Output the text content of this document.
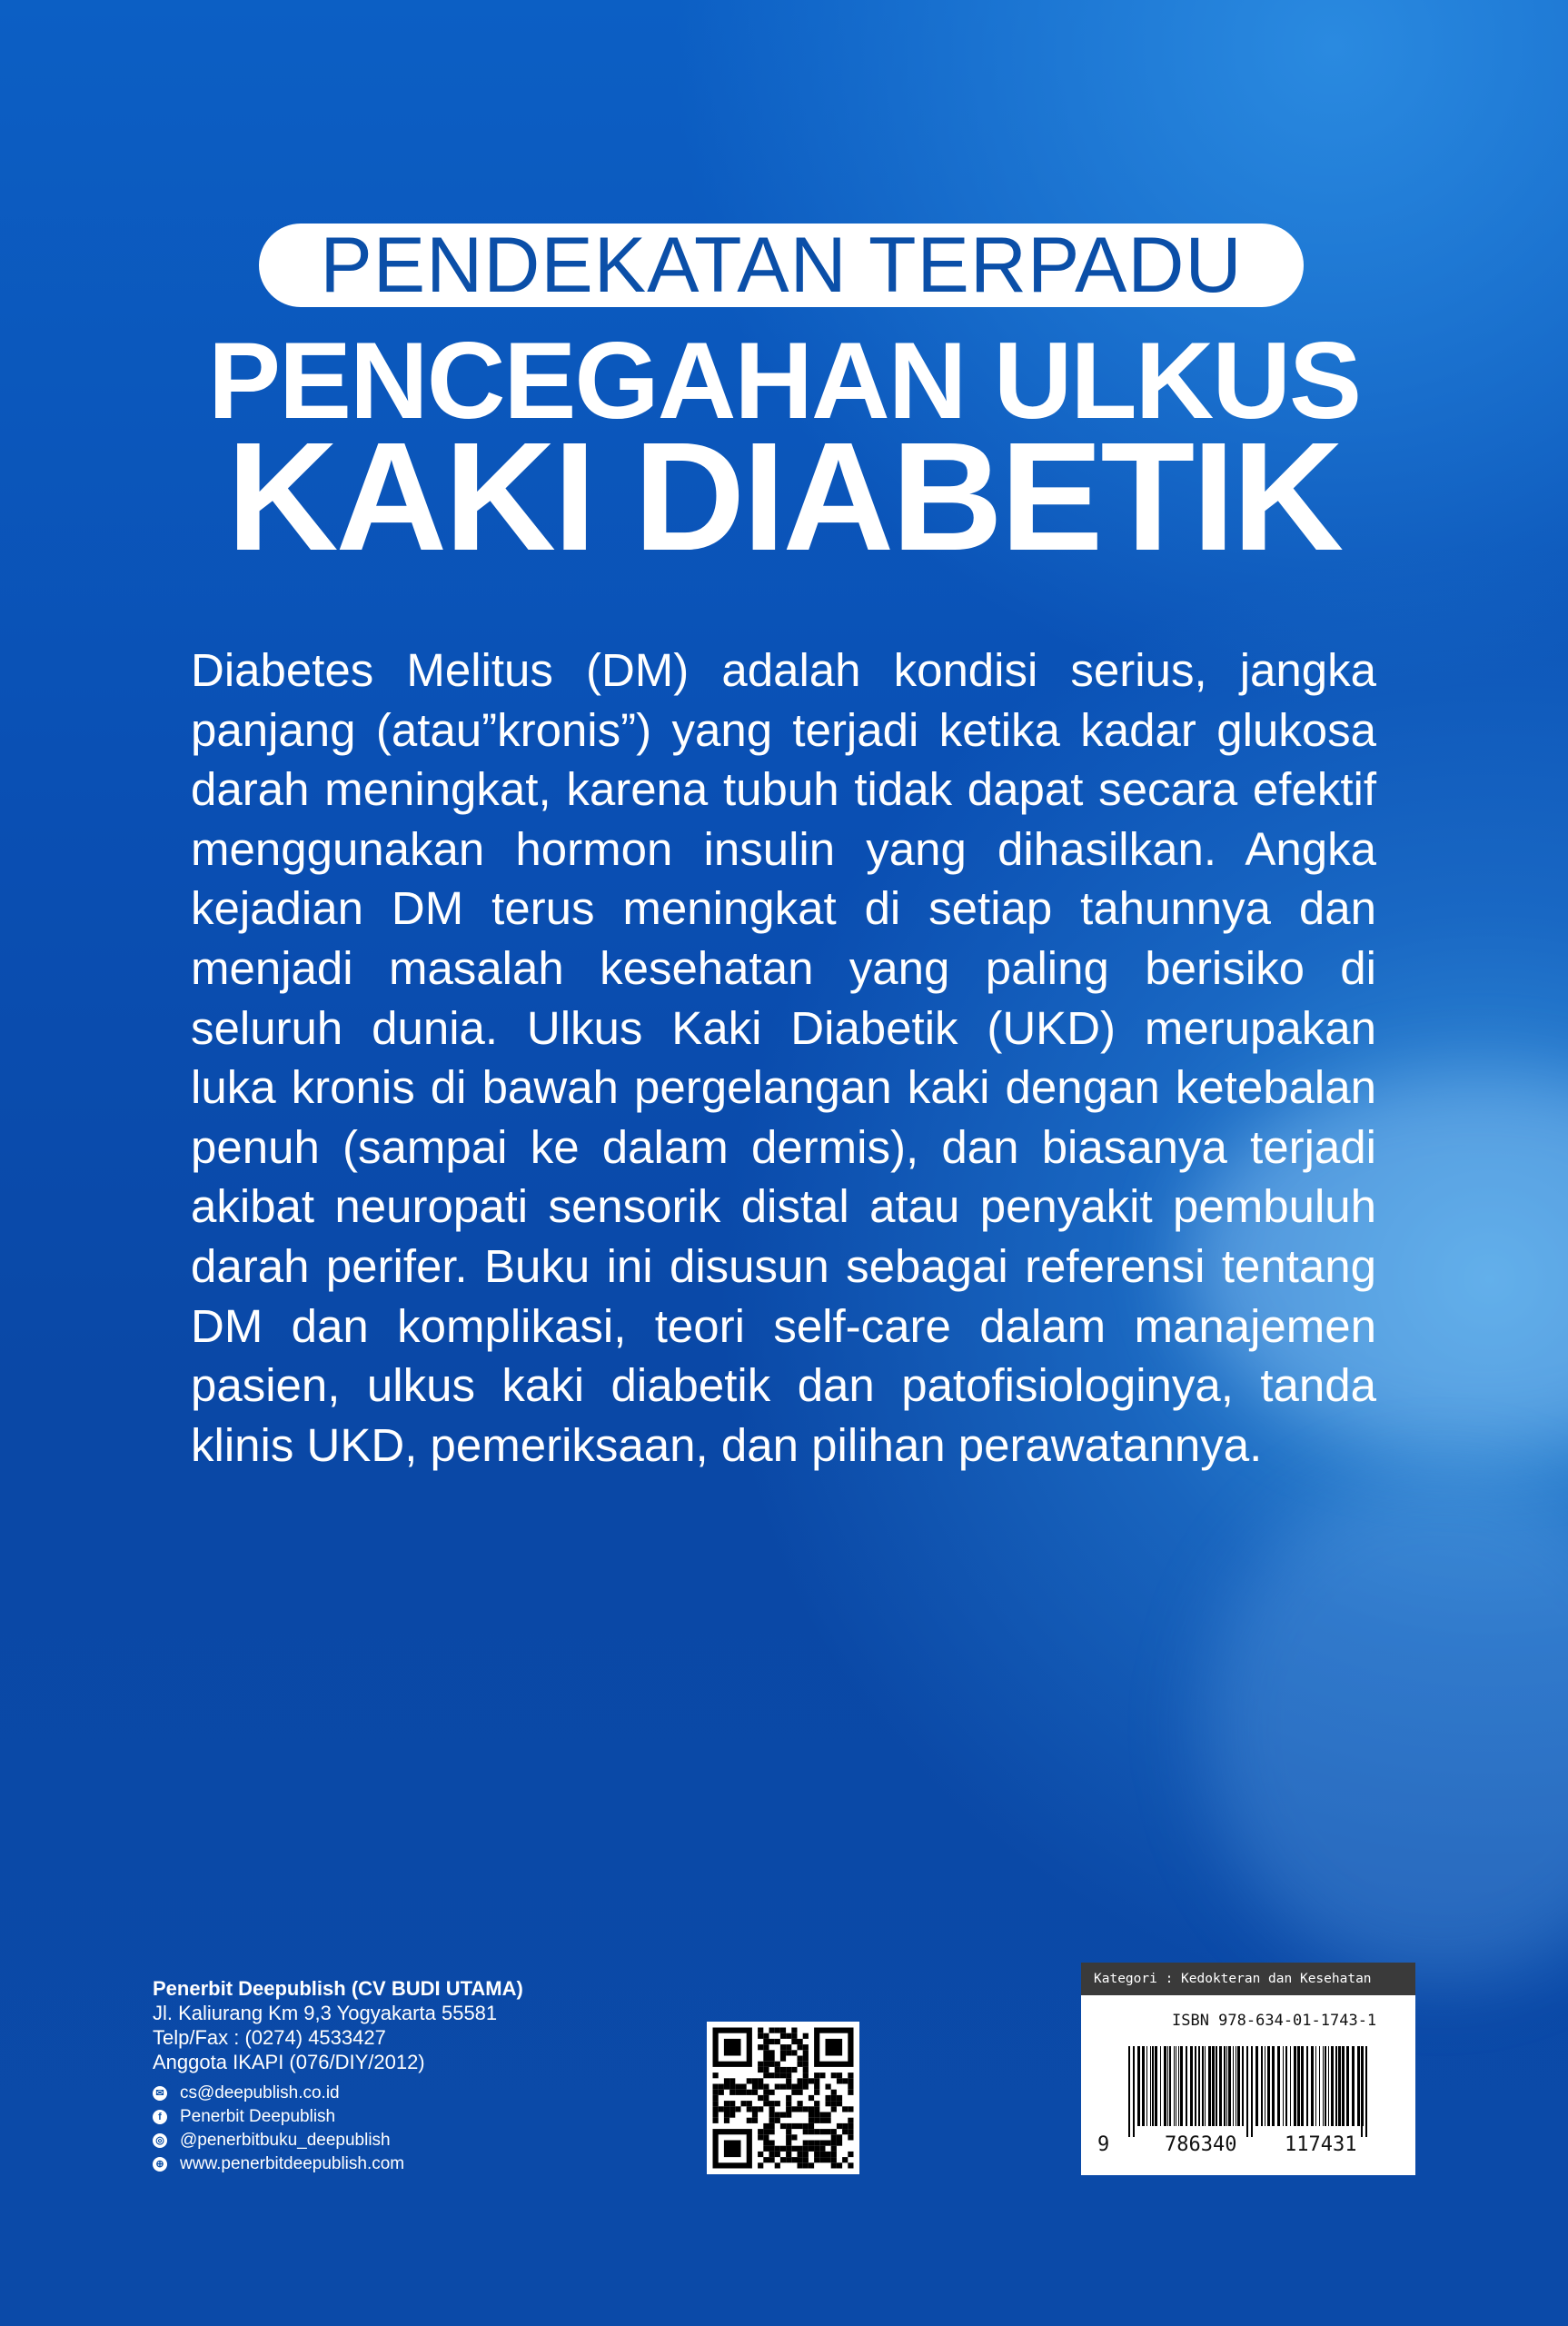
PENDEKATAN TERPADU
PENCEGAHAN ULKUS
KAKI DIABETIK
Diabetes Melitus (DM) adalah kondisi serius, jangka panjang (atau”kronis”) yang terjadi ketika kadar glukosa darah meningkat, karena tubuh tidak dapat secara efektif menggunakan hormon insulin yang dihasilkan. Angka kejadian DM terus meningkat di setiap tahunnya dan menjadi masalah kesehatan yang paling berisiko di seluruh dunia. Ulkus Kaki Diabetik (UKD) merupakan luka kronis di bawah pergelangan kaki dengan ketebalan penuh (sampai ke dalam dermis), dan biasanya terjadi akibat neuropati sensorik distal atau penyakit pembuluh darah perifer. Buku ini disusun sebagai referensi tentang DM dan komplikasi, teori self-care dalam manajemen pasien, ulkus kaki diabetik dan patofisiologinya, tanda klinis UKD, pemeriksaan, dan pilihan perawatannya.
Penerbit Deepublish (CV BUDI UTAMA)
Jl. Kaliurang Km 9,3 Yogyakarta 55581
Telp/Fax : (0274) 4533427
Anggota IKAPI (076/DIY/2012)
✉ cs@deepublish.co.id
f	Penerbit Deepublish
◎ @penerbitbuku_deepublish
⊕ www.penerbitdeepublish.com
Kategori : Kedokteran dan Kesehatan
ISBN 978-634-01-1743-1
9	786340 117431
